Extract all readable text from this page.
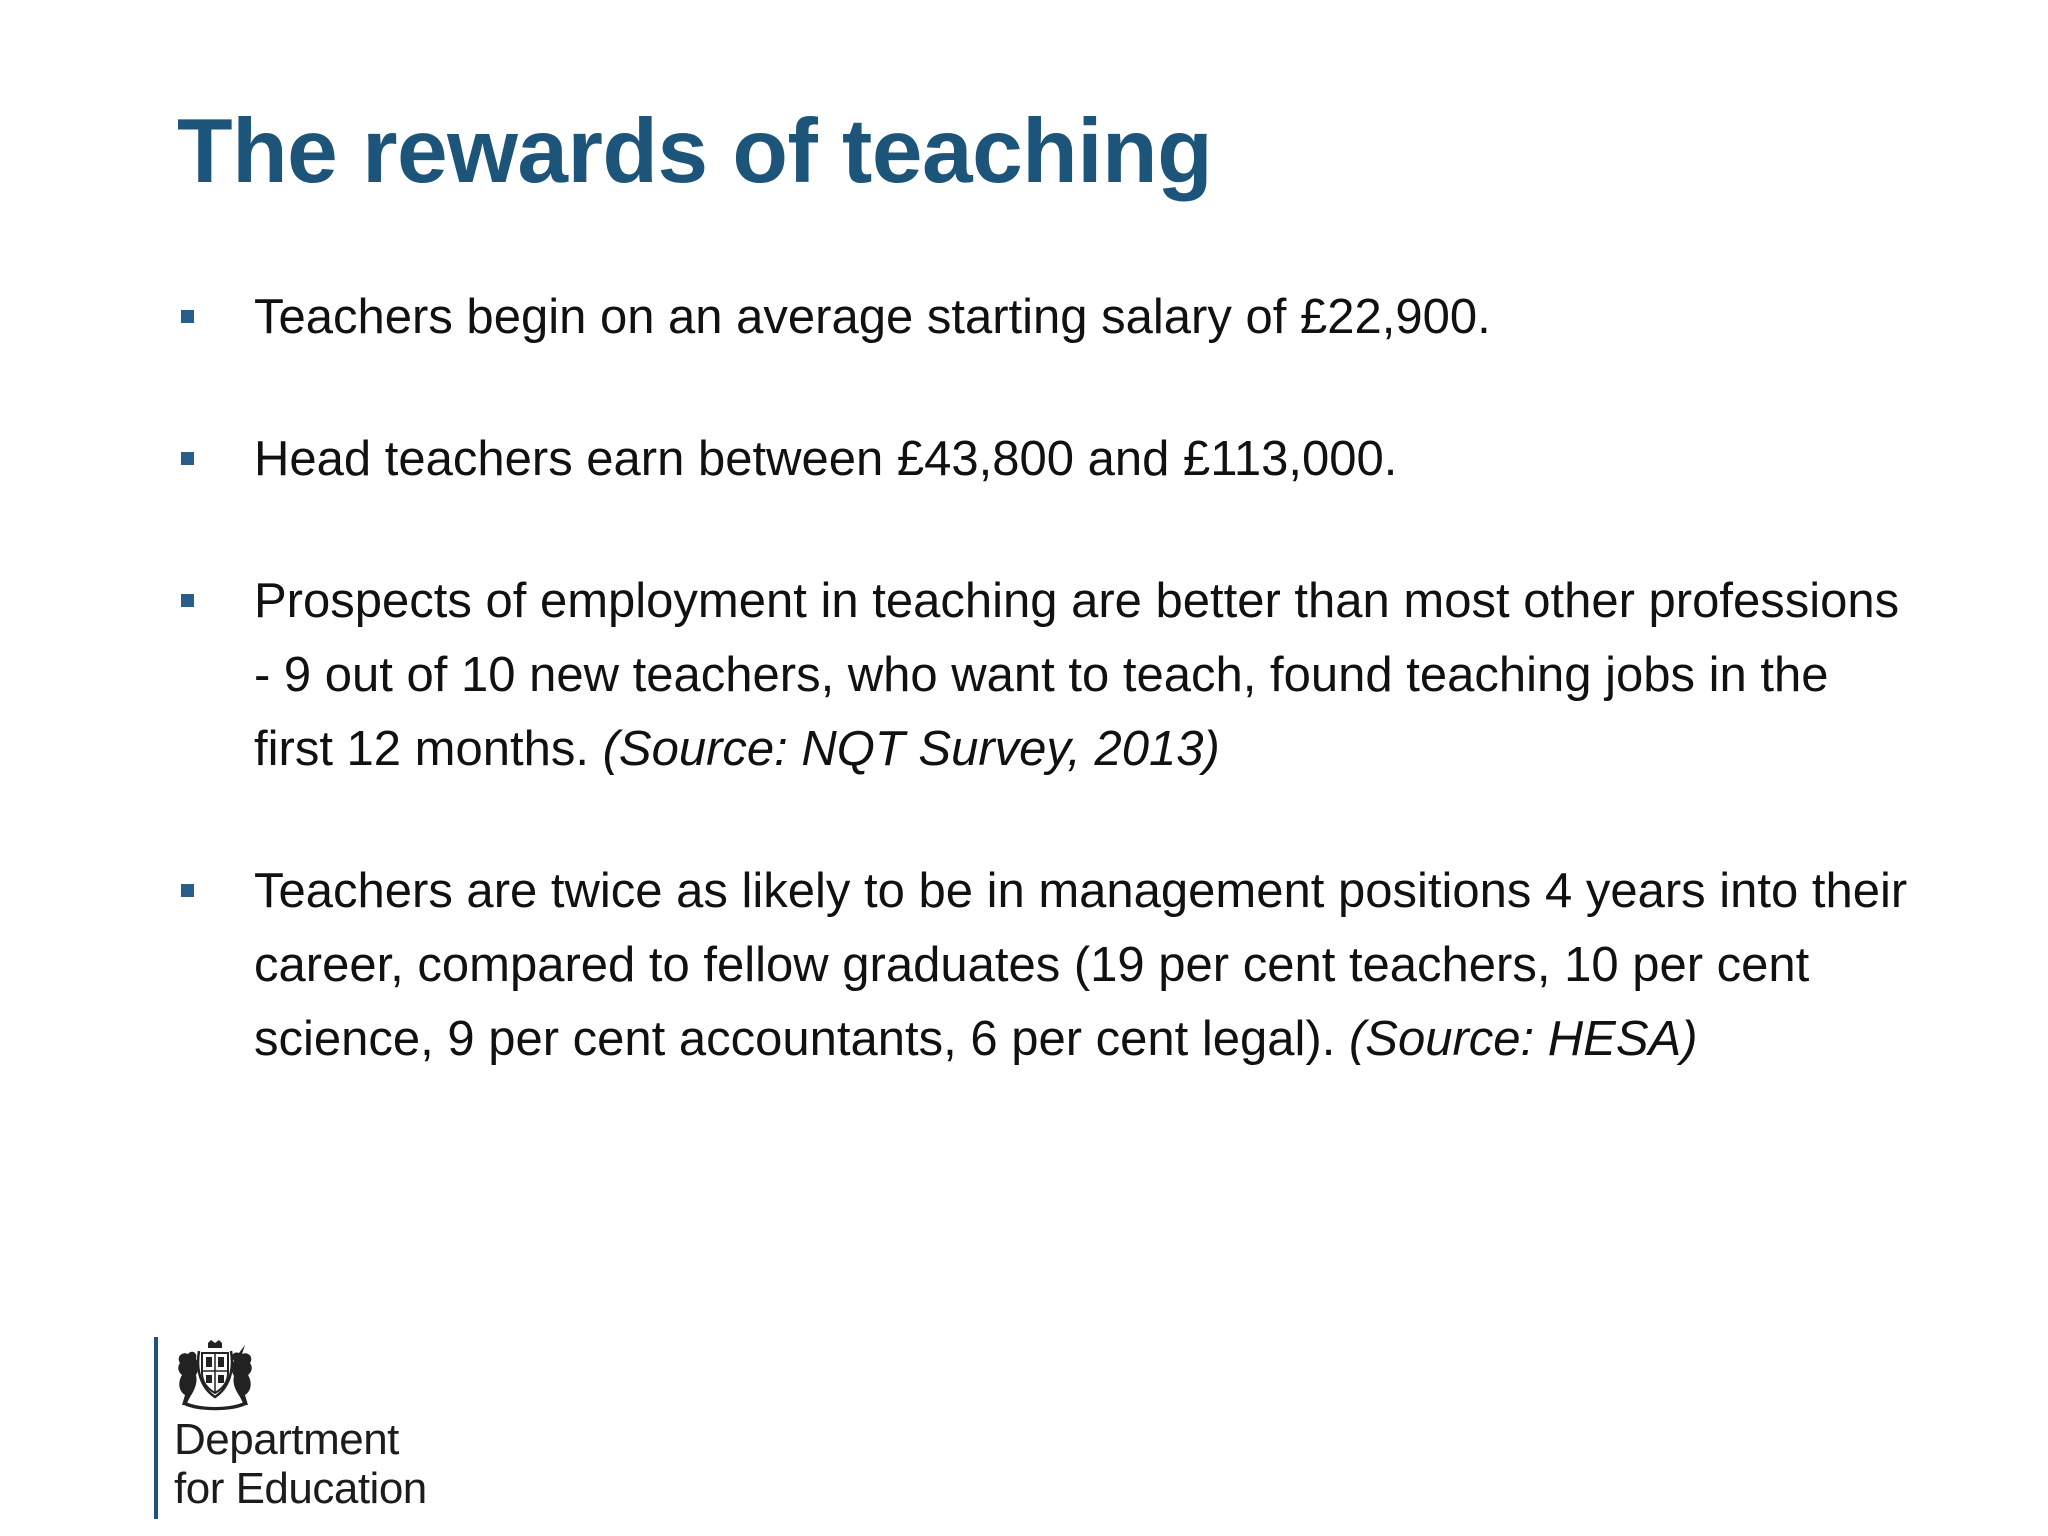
The rewards of teaching
Teachers begin on an average starting salary of £22,900.
Head teachers earn between £43,800 and £113,000.
Prospects of employment in teaching are better than most other professions - 9 out of 10 new teachers, who want to teach, found teaching jobs in the first 12 months. (Source: NQT Survey, 2013)
Teachers are twice as likely to be in management positions 4 years into their career, compared to fellow graduates (19 per cent teachers, 10 per cent science, 9 per cent accountants, 6 per cent legal). (Source: HESA)
Department
for Education
